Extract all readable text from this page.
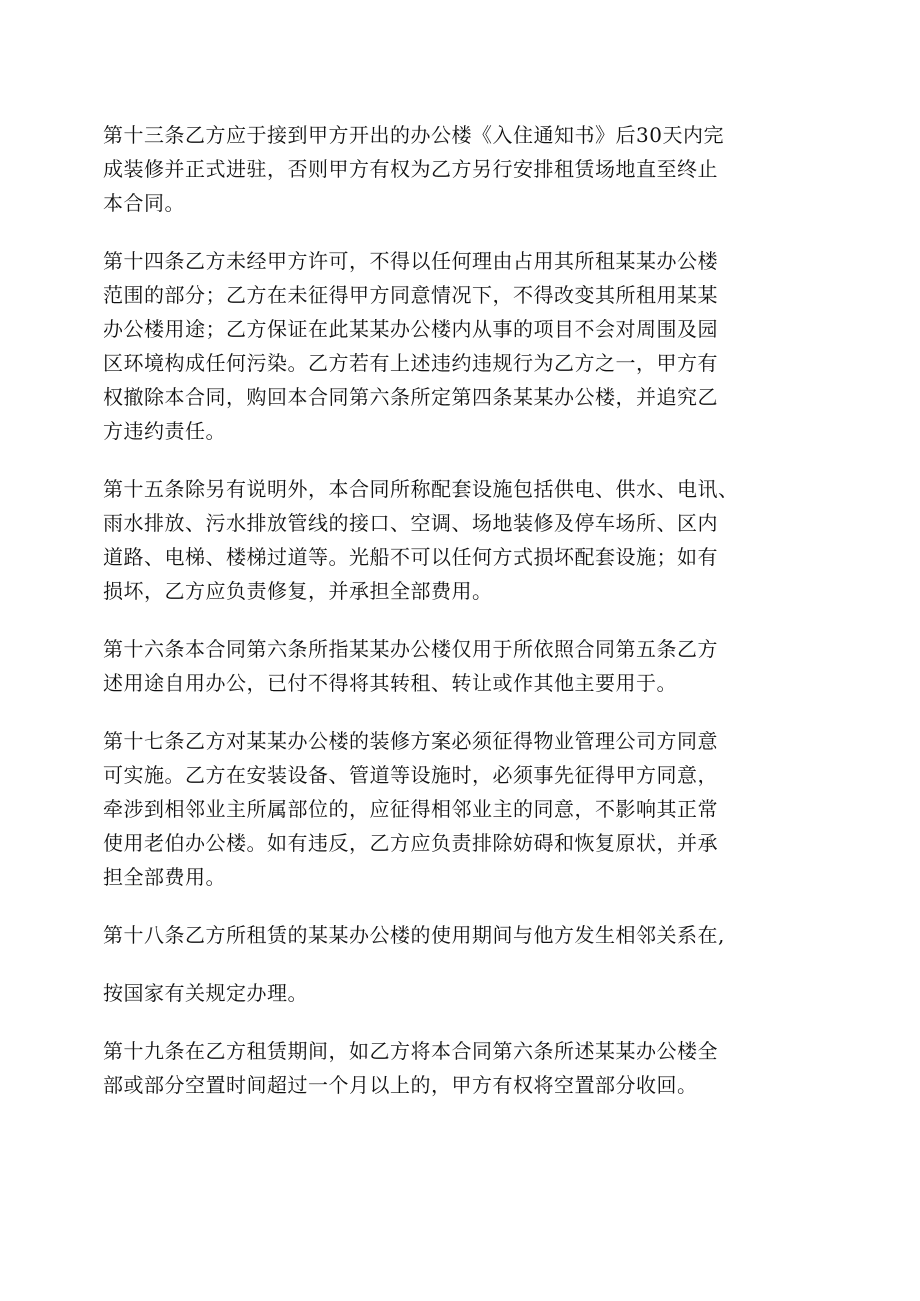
第十三条乙方应于接到甲方开出的办公楼《入住通知书》后30天内完
成装修并正式进驻，否则甲方有权为乙方另行安排租赁场地直至终止
本合同。
第十四条乙方未经甲方许可，不得以任何理由占用其所租某某办公楼
范围的部分；乙方在未征得甲方同意情况下，不得改变其所租用某某
办公楼用途；乙方保证在此某某办公楼内从事的项目不会对周围及园
区环境构成任何污染。乙方若有上述违约违规行为乙方之一，甲方有
权撤除本合同，购回本合同第六条所定第四条某某办公楼，并追究乙
方违约责任。
第十五条除另有说明外，本合同所称配套设施包括供电、供水、电讯、
雨水排放、污水排放管线的接口、空调、场地装修及停车场所、区内
道路、电梯、楼梯过道等。光船不可以任何方式损坏配套设施；如有
损坏，乙方应负责修复，并承担全部费用。
第十六条本合同第六条所指某某办公楼仅用于所依照合同第五条乙方
述用途自用办公，已付不得将其转租、转让或作其他主要用于。
第十七条乙方对某某办公楼的装修方案必须征得物业管理公司方同意
可实施。乙方在安装设备、管道等设施时，必须事先征得甲方同意，
牵涉到相邻业主所属部位的，应征得相邻业主的同意，不影响其正常
使用老伯办公楼。如有违反，乙方应负责排除妨碍和恢复原状，并承
担全部费用。
第十八条乙方所租赁的某某办公楼的使用期间与他方发生相邻关系在,
按国家有关规定办理。
第十九条在乙方租赁期间，如乙方将本合同第六条所述某某办公楼全
部或部分空置时间超过一个月以上的，甲方有权将空置部分收回。
